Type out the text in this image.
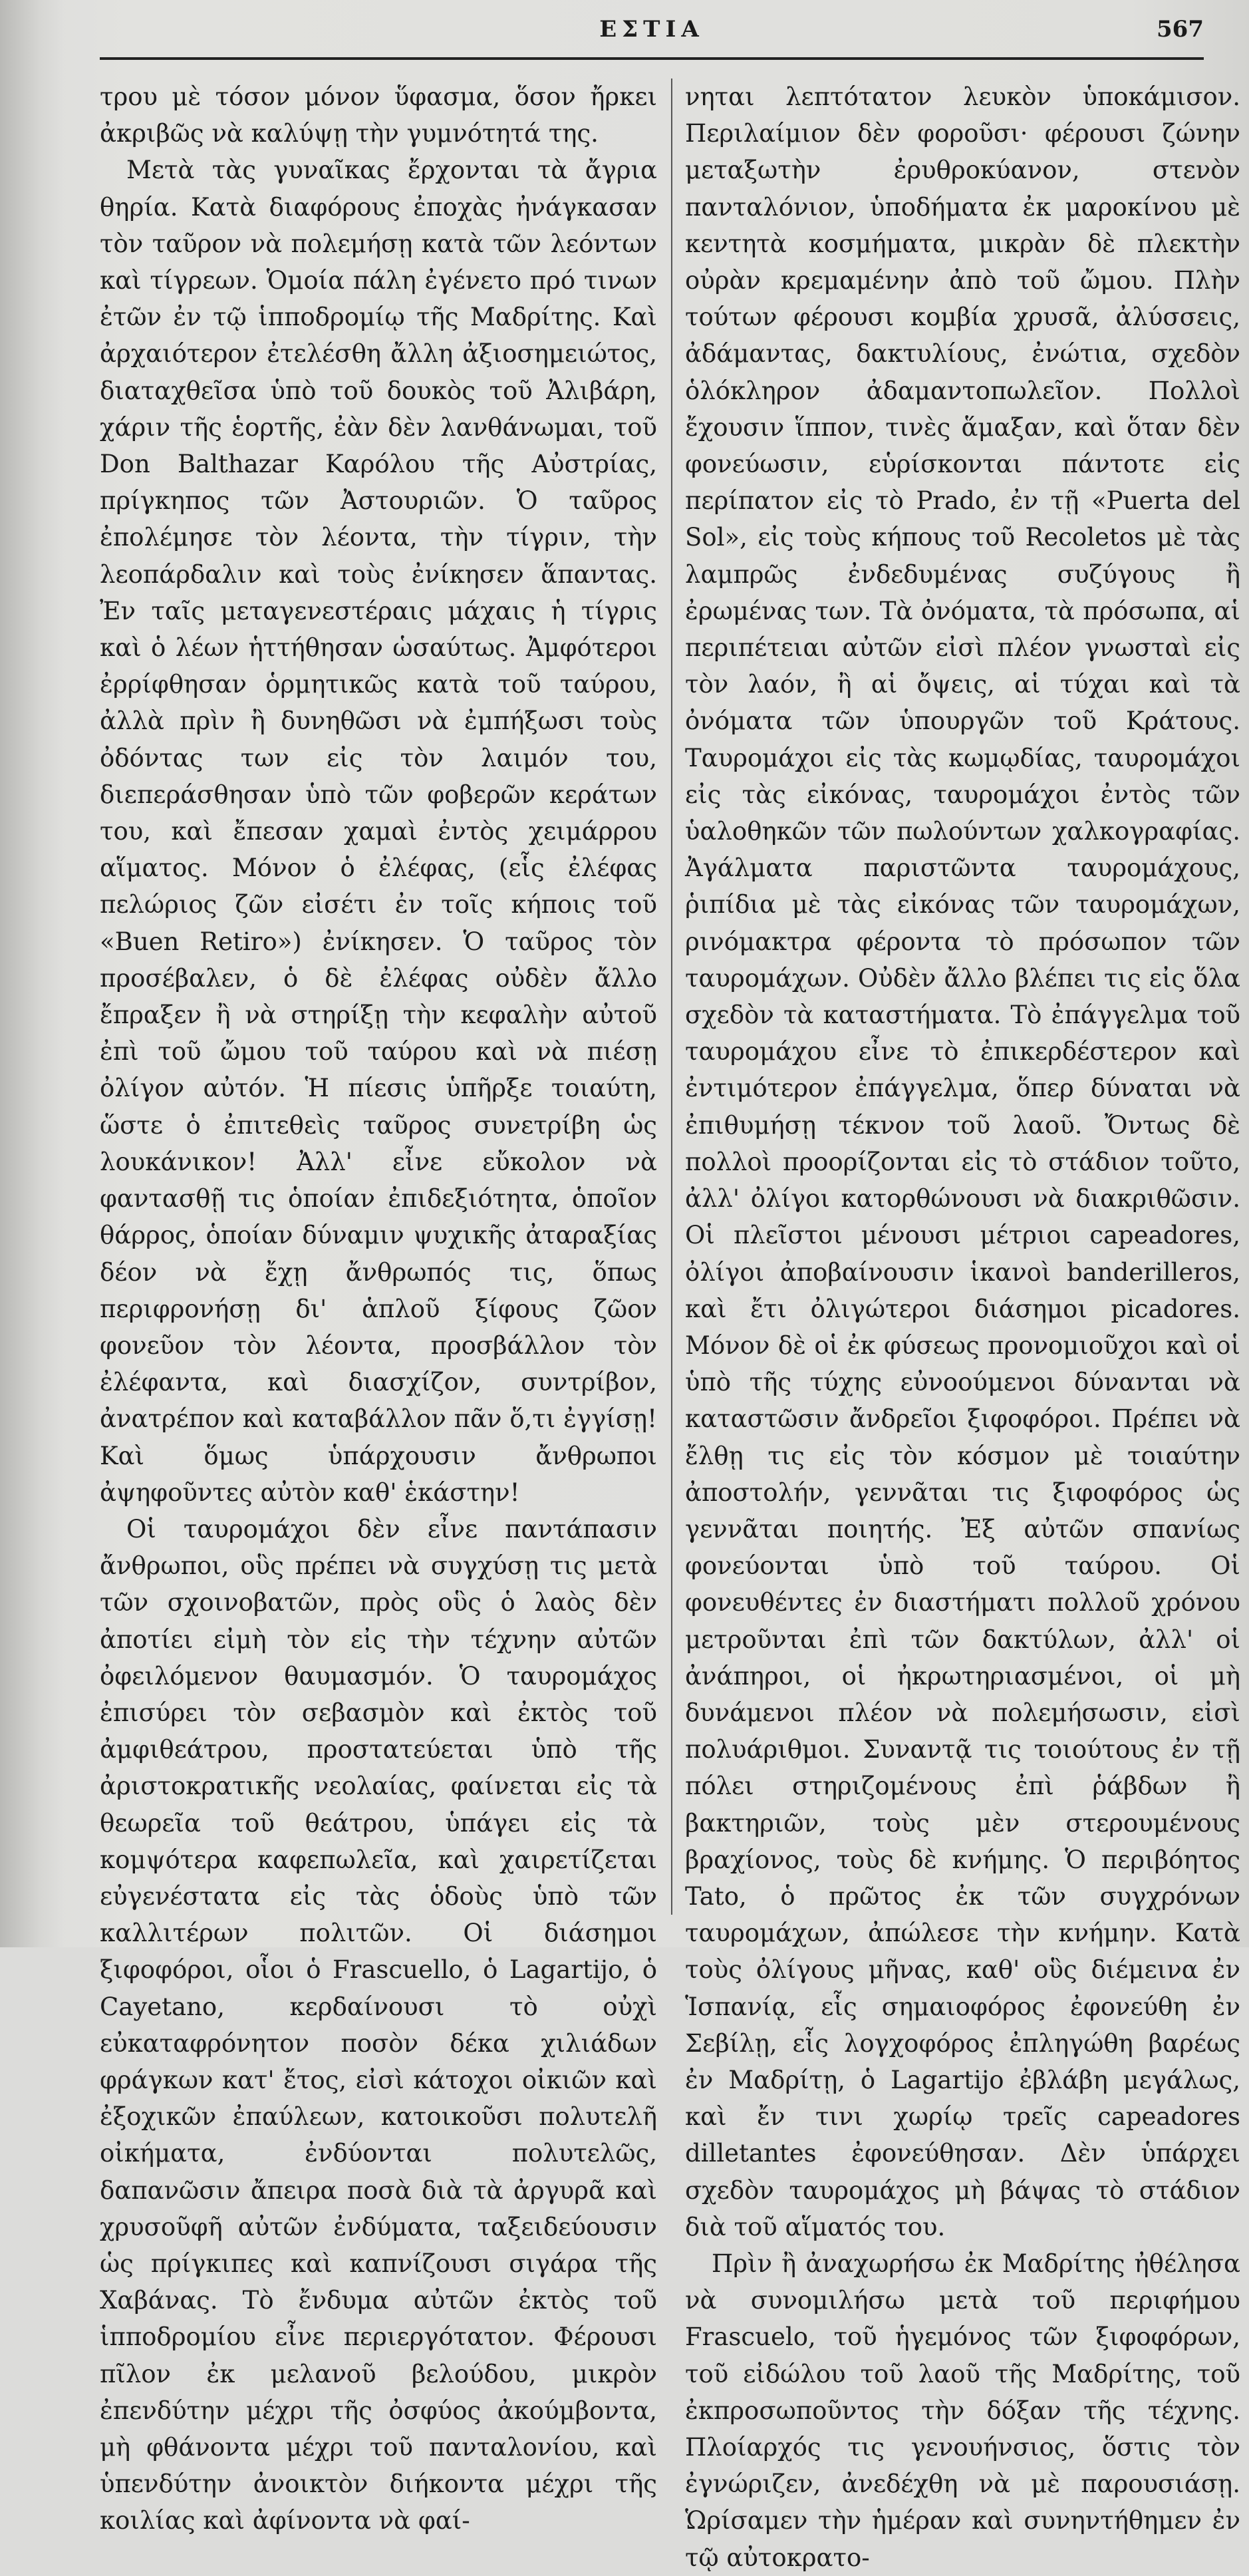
ΕΣΤΙΑ	567

τρου μὲ τόσον μόνον ὕφασμα, ὅσον ἤρκει ἀκριβῶς νὰ καλύψῃ τὴν γυμνότητά της.

Μετὰ τὰς γυναῖκας ἔρχονται τὰ ἄγρια θηρία. Κατὰ διαφόρους ἐποχὰς ἠνάγκασαν τὸν ταῦρον νὰ πολεμήσῃ κατὰ τῶν λεόντων καὶ τίγρεων. Ὁμοία πάλη ἐγένετο πρό τινων ἐτῶν ἐν τῷ ἱπποδρομίῳ τῆς Μαδρίτης. Καὶ ἀρχαιότερον ἐτελέσθη ἄλλη ἀξιοσημειώτος, διαταχθεῖσα ὑπὸ τοῦ δουκὸς τοῦ Ἀλιβάρη, χάριν τῆς ἑορτῆς, ἐὰν δὲν λανθάνωμαι, τοῦ Don Balthazar Καρόλου τῆς Αὐστρίας, πρίγκηπος τῶν Ἀστουριῶν. Ὁ ταῦρος ἐπολέμησε τὸν λέοντα, τὴν τίγριν, τὴν λεοπάρδαλιν καὶ τοὺς ἐνίκησεν ἅπαντας. Ἐν ταῖς μεταγενεστέραις μάχαις ἡ τίγρις καὶ ὁ λέων ἡττήθησαν ὡσαύτως. Ἀμφότεροι ἐρρίφθησαν ὁρμητικῶς κατὰ τοῦ ταύρου, ἀλλὰ πρὶν ἢ δυνηθῶσι νὰ ἐμπήξωσι τοὺς ὀδόντας των εἰς τὸν λαιμόν του, διεπεράσθησαν ὑπὸ τῶν φοβερῶν κεράτων του, καὶ ἔπεσαν χαμαὶ ἐντὸς χειμάρρου αἵματος. Μόνον ὁ ἐλέφας, (εἷς ἐλέφας πελώριος ζῶν εἰσέτι ἐν τοῖς κήποις τοῦ «Buen Retiro») ἐνίκησεν. Ὁ ταῦρος τὸν προσέβαλεν, ὁ δὲ ἐλέφας οὐδὲν ἄλλο ἔπραξεν ἢ νὰ στηρίξῃ τὴν κεφαλὴν αὐτοῦ ἐπὶ τοῦ ὤμου τοῦ ταύρου καὶ νὰ πιέσῃ ὀλίγον αὐτόν. Ἡ πίεσις ὑπῆρξε τοιαύτη, ὥστε ὁ ἐπιτεθεὶς ταῦρος συνετρίβη ὡς λουκάνικον! Ἀλλ' εἶνε εὔκολον νὰ φαντασθῇ τις ὁποίαν ἐπιδεξιότητα, ὁποῖον θάρρος, ὁποίαν δύναμιν ψυχικῆς ἀταραξίας δέον νὰ ἔχῃ ἄνθρωπός τις, ὅπως περιφρονήσῃ δι' ἁπλοῦ ξίφους ζῶον φονεῦον τὸν λέοντα, προσβάλλον τὸν ἐλέφαντα, καὶ διασχίζον, συντρίβον, ἀνατρέπον καὶ καταβάλλον πᾶν ὅ,τι ἐγγίσῃ! Καὶ ὅμως ὑπάρχουσιν ἄνθρωποι ἀψηφοῦντες αὐτὸν καθ' ἑκάστην!

Οἱ ταυρομάχοι δὲν εἶνε παντάπασιν ἄνθρωποι, οὓς πρέπει νὰ συγχύσῃ τις μετὰ τῶν σχοινοβατῶν, πρὸς οὓς ὁ λαὸς δὲν ἀποτίει εἰμὴ τὸν εἰς τὴν τέχνην αὐτῶν ὀφειλόμενον θαυμασμόν. Ὁ ταυρομάχος ἐπισύρει τὸν σεβασμὸν καὶ ἐκτὸς τοῦ ἀμφιθεάτρου, προστατεύεται ὑπὸ τῆς ἀριστοκρατικῆς νεολαίας, φαίνεται εἰς τὰ θεωρεῖα τοῦ θεάτρου, ὑπάγει εἰς τὰ κομψότερα καφεπωλεῖα, καὶ χαιρετίζεται εὐγενέστατα εἰς τὰς ὁδοὺς ὑπὸ τῶν καλλιτέρων πολιτῶν. Οἱ διάσημοι ξιφοφόροι, οἷοι ὁ Frascuello, ὁ Lagartijo, ὁ Cayetano, κερδαίνουσι τὸ οὐχὶ εὐκαταφρόνητον ποσὸν δέκα χιλιάδων φράγκων κατ' ἔτος, εἰσὶ κάτοχοι οἰκιῶν καὶ ἐξοχικῶν ἐπαύλεων, κατοικοῦσι πολυτελῆ οἰκήματα, ἐνδύονται πολυτελῶς, δαπανῶσιν ἄπειρα ποσὰ διὰ τὰ ἀργυρᾶ καὶ χρυσοῦφῆ αὐτῶν ἐνδύματα, ταξειδεύουσιν ὡς πρίγκιπες καὶ καπνίζουσι σιγάρα τῆς Χαβάνας. Τὸ ἔνδυμα αὐτῶν ἐκτὸς τοῦ ἱπποδρομίου εἶνε περιεργότατον. Φέρουσι πῖλον ἐκ μελανοῦ βελούδου, μικρὸν ἐπενδύτην μέχρι τῆς ὀσφύος ἀκούμβοντα, μὴ φθάνοντα μέχρι τοῦ πανταλονίου, καὶ ὑπενδύτην ἀνοικτὸν διήκοντα μέχρι τῆς κοιλίας καὶ ἀφίνοντα νὰ φαί-

νηται λεπτότατον λευκὸν ὑποκάμισον. Περιλαίμιον δὲν φοροῦσι· φέρουσι ζώνην μεταξωτὴν ἐρυθροκύανον, στενὸν πανταλόνιον, ὑποδήματα ἐκ μαροκίνου μὲ κεντητὰ κοσμήματα, μικρὰν δὲ πλεκτὴν οὐρὰν κρεμαμένην ἀπὸ τοῦ ὤμου. Πλὴν τούτων φέρουσι κομβία χρυσᾶ, ἀλύσσεις, ἀδάμαντας, δακτυλίους, ἐνώτια, σχεδὸν ὁλόκληρον ἀδαμαντοπωλεῖον. Πολλοὶ ἔχουσιν ἵππον, τινὲς ἅμαξαν, καὶ ὅταν δὲν φονεύωσιν, εὑρίσκονται πάντοτε εἰς περίπατον εἰς τὸ Prado, ἐν τῇ «Puerta del Sol», εἰς τοὺς κήπους τοῦ Recoletos μὲ τὰς λαμπρῶς ἐνδεδυμένας συζύγους ἢ ἐρωμένας των. Τὰ ὀνόματα, τὰ πρόσωπα, αἱ περιπέτειαι αὐτῶν εἰσὶ πλέον γνωσταὶ εἰς τὸν λαόν, ἢ αἱ ὄψεις, αἱ τύχαι καὶ τὰ ὀνόματα τῶν ὑπουργῶν τοῦ Κράτους. Ταυρομάχοι εἰς τὰς κωμῳδίας, ταυρομάχοι εἰς τὰς εἰκόνας, ταυρομάχοι ἐντὸς τῶν ὑαλοθηκῶν τῶν πωλούντων χαλκογραφίας. Ἀγάλματα παριστῶντα ταυρομάχους, ῥιπίδια μὲ τὰς εἰκόνας τῶν ταυρομάχων, ρινόμακτρα φέροντα τὸ πρόσωπον τῶν ταυρομάχων. Οὐδὲν ἄλλο βλέπει τις εἰς ὅλα σχεδὸν τὰ καταστήματα. Τὸ ἐπάγγελμα τοῦ ταυρομάχου εἶνε τὸ ἐπικερδέστερον καὶ ἐντιμότερον ἐπάγγελμα, ὅπερ δύναται νὰ ἐπιθυμήσῃ τέκνον τοῦ λαοῦ. Ὄντως δὲ πολλοὶ προορίζονται εἰς τὸ στάδιον τοῦτο, ἀλλ' ὀλίγοι κατορθώνουσι νὰ διακριθῶσιν. Οἱ πλεῖστοι μένουσι μέτριοι capeadores, ὀλίγοι ἀποβαίνουσιν ἱκανοὶ banderilleros, καὶ ἔτι ὀλιγώτεροι διάσημοι picadores. Μόνον δὲ οἱ ἐκ φύσεως προνομιοῦχοι καὶ οἱ ὑπὸ τῆς τύχης εὐνοούμενοι δύνανται νὰ καταστῶσιν ἄνδρεῖοι ξιφοφόροι. Πρέπει νὰ ἔλθῃ τις εἰς τὸν κόσμον μὲ τοιαύτην ἀποστολήν, γεννᾶται τις ξιφοφόρος ὡς γεννᾶται ποιητής. Ἐξ αὐτῶν σπανίως φονεύονται ὑπὸ τοῦ ταύρου. Οἱ φονευθέντες ἐν διαστήματι πολλοῦ χρόνου μετροῦνται ἐπὶ τῶν δακτύλων, ἀλλ' οἱ ἀνάπηροι, οἱ ἠκρωτηριασμένοι, οἱ μὴ δυνάμενοι πλέον νὰ πολεμήσωσιν, εἰσὶ πολυάριθμοι. Συναντᾷ τις τοιούτους ἐν τῇ πόλει στηριζομένους ἐπὶ ῥάβδων ἢ βακτηριῶν, τοὺς μὲν στερουμένους βραχίονος, τοὺς δὲ κνήμης. Ὁ περιβόητος Tato, ὁ πρῶτος ἐκ τῶν συγχρόνων ταυρομάχων, ἀπώλεσε τὴν κνήμην. Κατὰ τοὺς ὀλίγους μῆνας, καθ' οὓς διέμεινα ἐν Ἱσπανίᾳ, εἷς σημαιοφόρος ἐφονεύθη ἐν Σεβίλῃ, εἷς λογχοφόρος ἐπληγώθη βαρέως ἐν Μαδρίτῃ, ὁ Lagartijo ἐβλάβη μεγάλως, καὶ ἔν τινι χωρίῳ τρεῖς capeadores dilletantes ἐφονεύθησαν. Δὲν ὑπάρχει σχεδὸν ταυρομάχος μὴ βάψας τὸ στάδιον διὰ τοῦ αἵματός του.

Πρὶν ἢ ἀναχωρήσω ἐκ Μαδρίτης ἠθέλησα νὰ συνομιλήσω μετὰ τοῦ περιφήμου Frascuelo, τοῦ ἡγεμόνος τῶν ξιφοφόρων, τοῦ εἰδώλου τοῦ λαοῦ τῆς Μαδρίτης, τοῦ ἐκπροσωποῦντος τὴν δόξαν τῆς τέχνης. Πλοίαρχός τις γενουήνσιος, ὅστις τὸν ἐγνώριζεν, ἀνεδέχθη νὰ μὲ παρουσιάσῃ. Ὡρίσαμεν τὴν ἡμέραν καὶ συνηντήθημεν ἐν τῷ αὐτοκρατο-
